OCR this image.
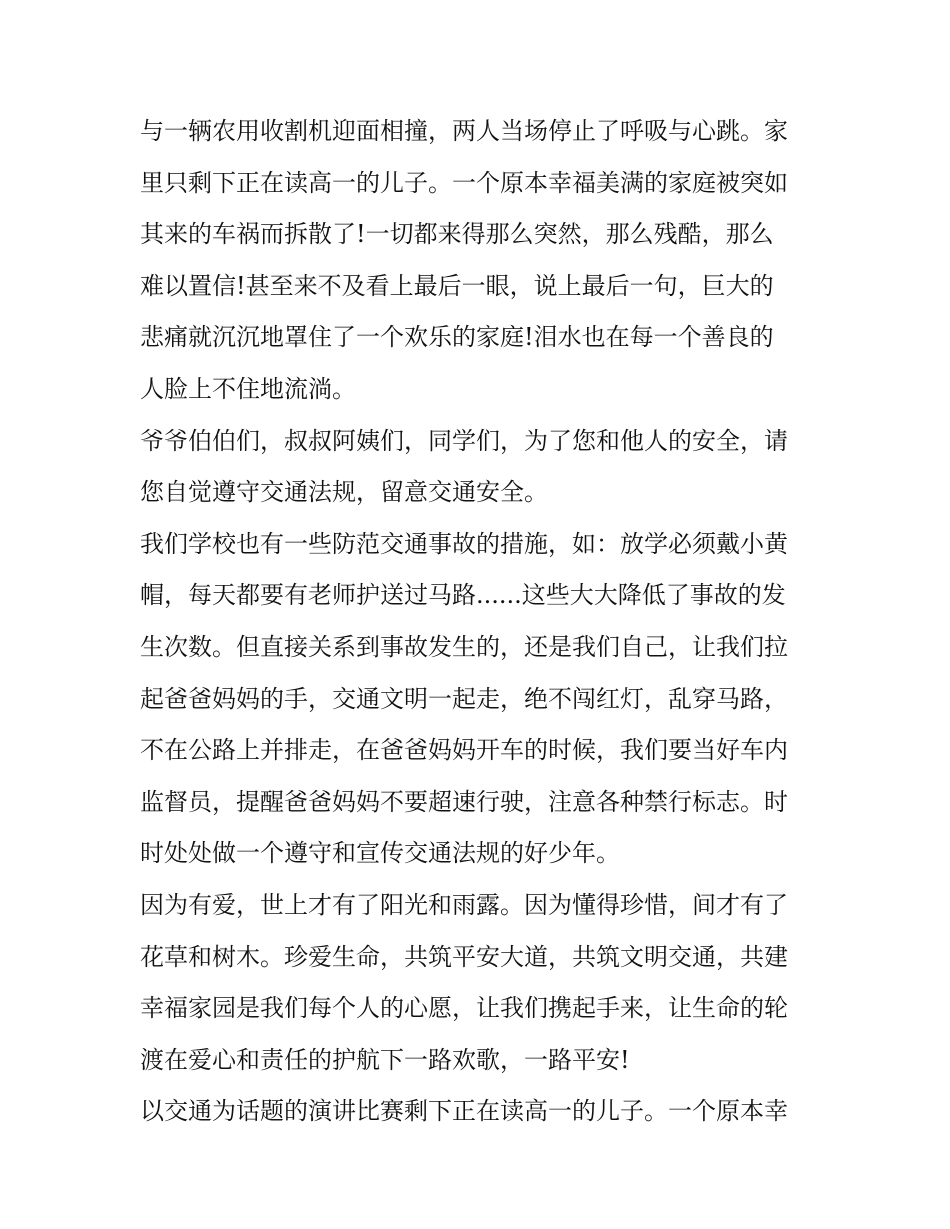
与一辆农用收割机迎面相撞，两人当场停止了呼吸与心跳。家
里只剩下正在读高一的儿子。一个原本幸福美满的家庭被突如
其来的车祸而拆散了!一切都来得那么突然，那么残酷，那么
难以置信!甚至来不及看上最后一眼，说上最后一句，巨大的
悲痛就沉沉地罩住了一个欢乐的家庭!泪水也在每一个善良的
人脸上不住地流淌。
爷爷伯伯们，叔叔阿姨们，同学们，为了您和他人的安全，请
您自觉遵守交通法规，留意交通安全。
我们学校也有一些防范交通事故的措施，如：放学必须戴小黄
帽，每天都要有老师护送过马路......这些大大降低了事故的发
生次数。但直接关系到事故发生的，还是我们自己，让我们拉
起爸爸妈妈的手，交通文明一起走，绝不闯红灯，乱穿马路，
不在公路上并排走，在爸爸妈妈开车的时候，我们要当好车内
监督员，提醒爸爸妈妈不要超速行驶，注意各种禁行标志。时
时处处做一个遵守和宣传交通法规的好少年。
因为有爱，世上才有了阳光和雨露。因为懂得珍惜，间才有了
花草和树木。珍爱生命，共筑平安大道，共筑文明交通，共建
幸福家园是我们每个人的心愿，让我们携起手来，让生命的轮
渡在爱心和责任的护航下一路欢歌，一路平安!
以交通为话题的演讲比赛剩下正在读高一的儿子。一个原本幸
